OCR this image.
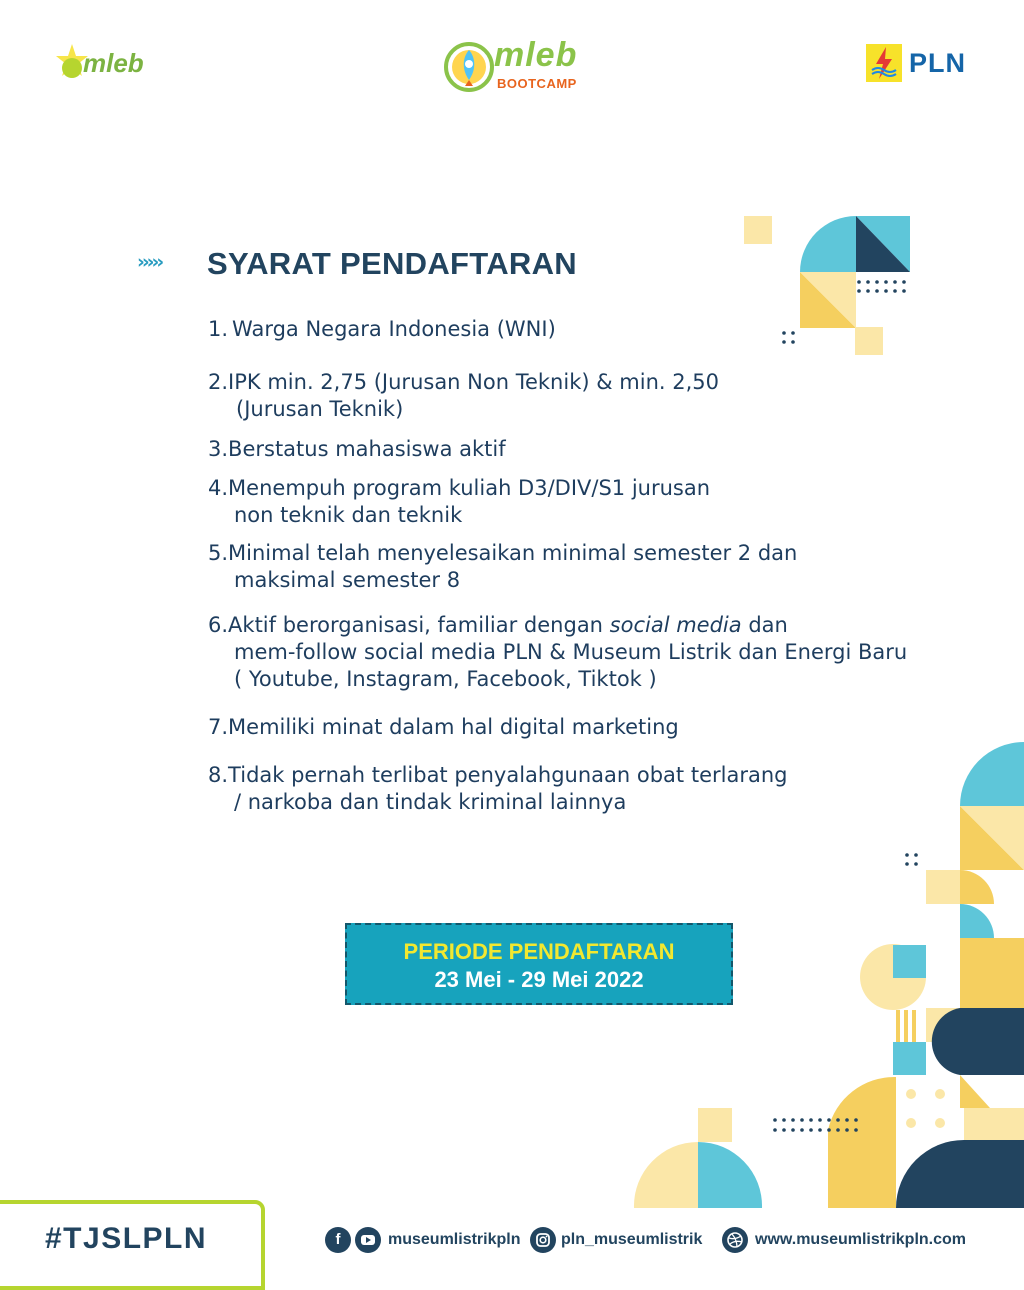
mleb	mleb
BOOTCAMP
PLN
››››› SYARAT PENDAFTARAN
1.Warga Negara Indonesia (WNI)
2.IPK min. 2,75 (Jurusan Non Teknik) & min. 2,50
(Jurusan Teknik)
3.Berstatus mahasiswa aktif
4.Menempuh program kuliah D3/DIV/S1 jurusan
non teknik dan teknik
5.Minimal telah menyelesaikan minimal semester 2 dan
maksimal semester 8
6.Aktif berorganisasi, familiar dengan social media dan
mem-follow social media PLN & Museum Listrik dan Energi Baru
( Youtube, Instagram, Facebook, Tiktok )
7.Memiliki minat dalam hal digital marketing
8.Tidak pernah terlibat penyalahgunaan obat terlarang
/ narkoba dan tindak kriminal lainnya
PERIODE PENDAFTARAN
23 Mei - 29 Mei 2022
#TJSLPLN	f	museumlistrikpln	pln_museumlistrik	www.museumlistrikpln.com
